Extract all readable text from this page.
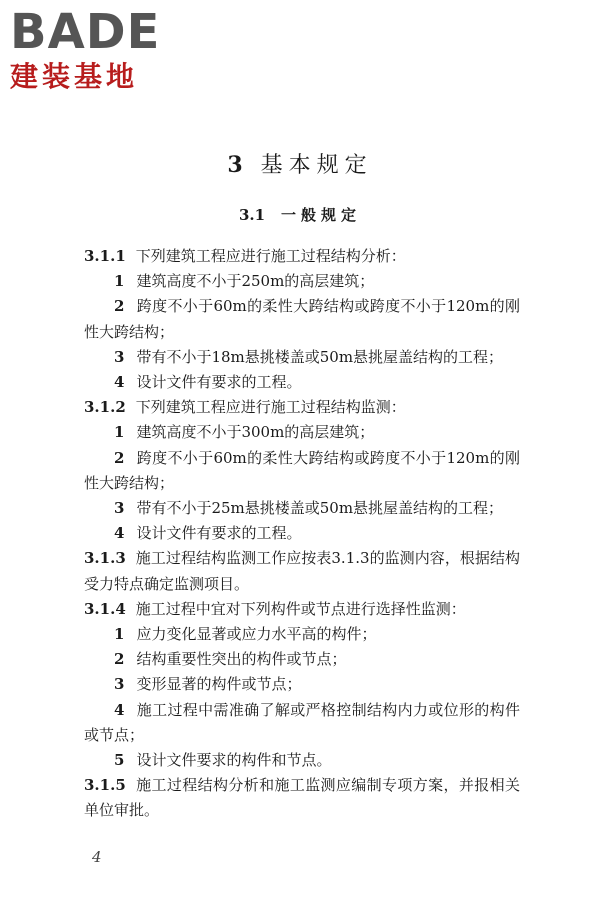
BADE
建装基地
3 基本规定
3.1 一般规定

3.1.1 下列建筑工程应进行施工过程结构分析：

1 建筑高度不小于250m的高层建筑；

2 跨度不小于60m的柔性大跨结构或跨度不小于120m的刚性大跨结构；

3 带有不小于18m悬挑楼盖或50m悬挑屋盖结构的工程；

4 设计文件有要求的工程。

3.1.2 下列建筑工程应进行施工过程结构监测：

1 建筑高度不小于300m的高层建筑；

2 跨度不小于60m的柔性大跨结构或跨度不小于120m的刚性大跨结构；

3 带有不小于25m悬挑楼盖或50m悬挑屋盖结构的工程；

4 设计文件有要求的工程。

3.1.3 施工过程结构监测工作应按表3.1.3的监测内容，根据结构受力特点确定监测项目。

3.1.4 施工过程中宜对下列构件或节点进行选择性监测：

1 应力变化显著或应力水平高的构件；

2 结构重要性突出的构件或节点；

3 变形显著的构件或节点；

4 施工过程中需准确了解或严格控制结构内力或位形的构件或节点；

5 设计文件要求的构件和节点。

3.1.5 施工过程结构分析和施工监测应编制专项方案，并报相关单位审批。

4
